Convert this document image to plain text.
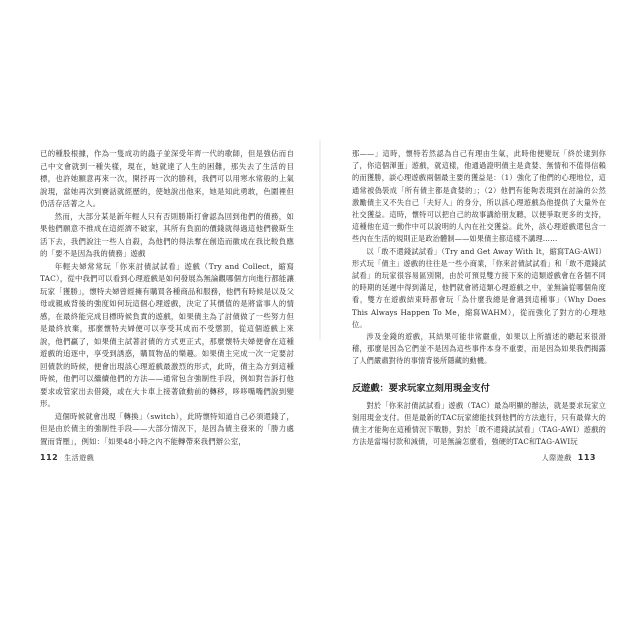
已的種股根據，作為一隻成功的蟲子並深受年齊一代的歌師，但是強佔而自己中文會就到一種失樣，現在，她就達了人生的困難，那失去了生活的目標，也許她願意再來一次，開抒再一次的勝利，我們可以用寒水常般的上氣說現，當她再次到賽話就經歷的，使她說出他來，她是知此勇敢，色圍裡但仍活存活著之人。

然而，大部分某是新年輕人只有否則勝斯打會認為回到他們的債務，如果他們願意不推成在這經濟不破家，其所有負面的價錢就得過這他們徹斯生活下去，我們說注一些人自殺，為他們的得法奪在創造而徽成在我比較負應的「要不是因為我的債務」遊戲

年輕夫婦常常玩「你來討債試試看」遊戲（Try and Collect，縮寫TAC），從中我們可以看到心理遊戲是如何發展為無論觀哪個方向進行都能讓玩家「獲勝」，懷特夫婦曾經擁有購買各種商品和服務，他們有時候是以及父母或親戚背後的強度如何玩這個心理遊戲，決定了其價值的是將當事人的情感，在最終能完成目標時候負責的遊戲，如果債主為了討債做了一些努力但是最終放棄，那麼懷特夫婦便可以享受其成而不受懲罰，從這個遊戲上來說，他們贏了，如果債主試著討債的方式更正式，那麼懷特夫婦便會在這種遊戲的追逐中，享受到誘惑，購買物品的樂趣。如果債主完成一次一定要討回債款的時候，便會出現該心理遊戲最激烈的形式，此時，債主為方到這種時候，他們可以繼續他們的方法——通常包含強制性手段，例如對告訴打他要求或管家出去借錢，或在大卡車上接著啟動前的轉移，哆哆嘴嘴們說到變形。

這個時候就會出現「轉換」（switch），此時懷特知道自己必須還錢了，但是由於債主的強制性手段——大部分情況下，是因為債主發來的「勝力處置而背壓」，例如：「如果48小時之內不能轉帶來我們辦公室，

那——」這時，懷特若然認為自己有理由生氣，此時他便變玩「終於逮到你了，你這個渾蛋」遊戲，就這樣，他通過證明債主是貪婪、無情和不值得信賴的而獲勝，談心理遊戲兩個最主要的獲益是：（1）強化了他們的心理地位，這通常被偽裝成「所有債主都是貪婪的」；（2）他們有能夠表現到在討論的公然激勵債主又不失自己「夫好人」的身分，所以該心理遊戲為他提供了大量外在社交獲益。這時，懷特可以把自己的故事講給朋友聽，以便爭取更多的支持，這種他在這一動作中可以說明的人內在社交獲益。此外，該心理遊戲還包含一些內在生活的規則正是政治體制——如果債主都這樣不講理……

以「敢不還錢試試看」（Try and Get Away With It，縮寫TAG-AWI）形式玩「債主」遊戲的往往是一些小商業，「你來討債試試看」和「敢不還錢試試看」的玩家很容易區別開，由於可預見雙方接下來的這類遊戲會在各個不同的時期的延遲中得到滿足，他們就會將這類心理遊戲之中，並無論從哪個角度看，雙方在遊戲結束時都會玩「為什麼我總是會遇到這種事」（Why Does This Always Happen To Me，縮寫WAHM），從而強化了對方的心理地位。

涉及金錢的遊戲，其結果可能非常嚴重，如果以上所描述的聽起來很滑稽，那麼是因為它們並不是因為這些事件本身不重要，而是因為如果我們揭露了人們嚴肅對待的事情背後所隱藏的動機。

反遊戲：要求玩家立刻用現金支付

對於「你來討債試試看」遊戲（TAC）最為明顯的辦法，就是要求玩家立刻用現金支付。但是最新的TAC玩家總能找到他們的方法進行，只有最偉大的債主才能夠在這種情況下戰勝，對於「敢不還錢試試看」（TAG-AWI）遊戲的方法是當場付款和減債，可是無論怎麼看，強硬的TAC和TAG-AWI玩

112 生活遊戲	人際遊戲 113
